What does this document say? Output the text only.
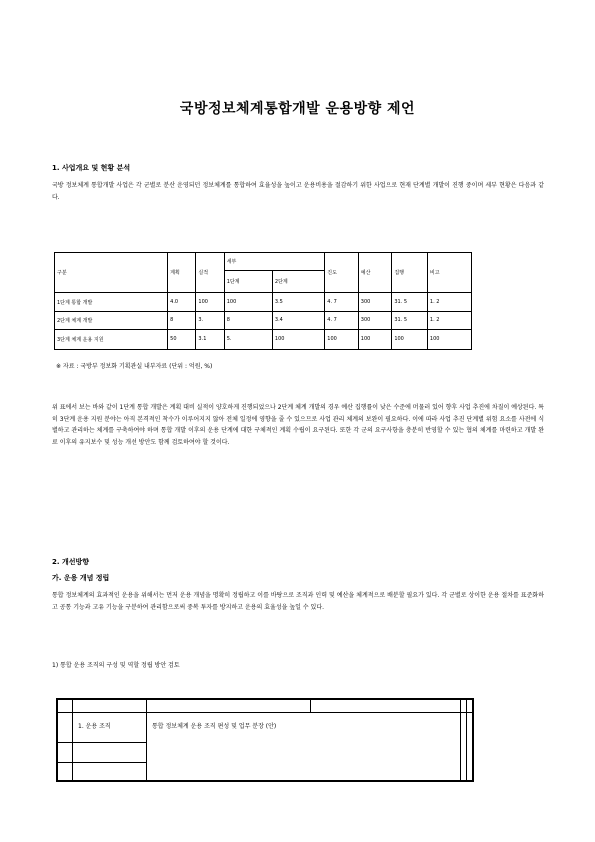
국방정보체계통합개발 운용방향 제언
1. 사업개요 및 현황 분석
국방 정보체계 통합개발 사업은 각 군별로 분산 운영되던 정보체계를 통합하여 효율성을 높이고 운용비용을 절감하기 위한 사업으로 현재 단계별 개발이 진행 중이며 세부 현황은 다음과 같다.
구분	계획	실적	세부		진도	예산	집행	비고
			1단계	2단계				
1단계 통합 개발	4.0	100	100	3.5	4. 7	300	31. 5	1. 2
2단계 체계 개발	8	3.	8	3.4	4. 7	300	31. 5	1. 2
3단계 체계 운용 지원	50	3.1	5.	100	100	100	100	100
※ 자료 : 국방부 정보화 기획관실 내부자료 (단위 : 억원, %)
위 표에서 보는 바와 같이 1단계 통합 개발은 계획 대비 실적이 양호하게 진행되었으나 2단계 체계 개발의 경우 예산 집행률이 낮은 수준에 머물러 있어 향후 사업 추진에 차질이 예상된다. 특히 3단계 운용 지원 분야는 아직 본격적인 착수가 이루어지지 않아 전체 일정에 영향을 줄 수 있으므로 사업 관리 체계의 보완이 필요하다. 이에 따라 사업 추진 단계별 위험 요소를 사전에 식별하고 관리하는 체계를 구축하여야 하며 통합 개발 이후의 운용 단계에 대한 구체적인 계획 수립이 요구된다. 또한 각 군의 요구사항을 충분히 반영할 수 있는 협의 체계를 마련하고 개발 완료 이후의 유지보수 및 성능 개선 방안도 함께 검토하여야 할 것이다.
2. 개선방향
가. 운용 개념 정립
통합 정보체계의 효과적인 운용을 위해서는 먼저 운용 개념을 명확히 정립하고 이를 바탕으로 조직과 인력 및 예산을 체계적으로 배분할 필요가 있다. 각 군별로 상이한 운용 절차를 표준화하고 공통 기능과 고유 기능을 구분하여 관리함으로써 중복 투자를 방지하고 운용의 효율성을 높일 수 있다.
1) 통합 운용 조직의 구성 및 역할 정립 방안 검토
1. 운용 조직	통합 정보체계 운용 조직 편성 및 업무 분장 (안)
